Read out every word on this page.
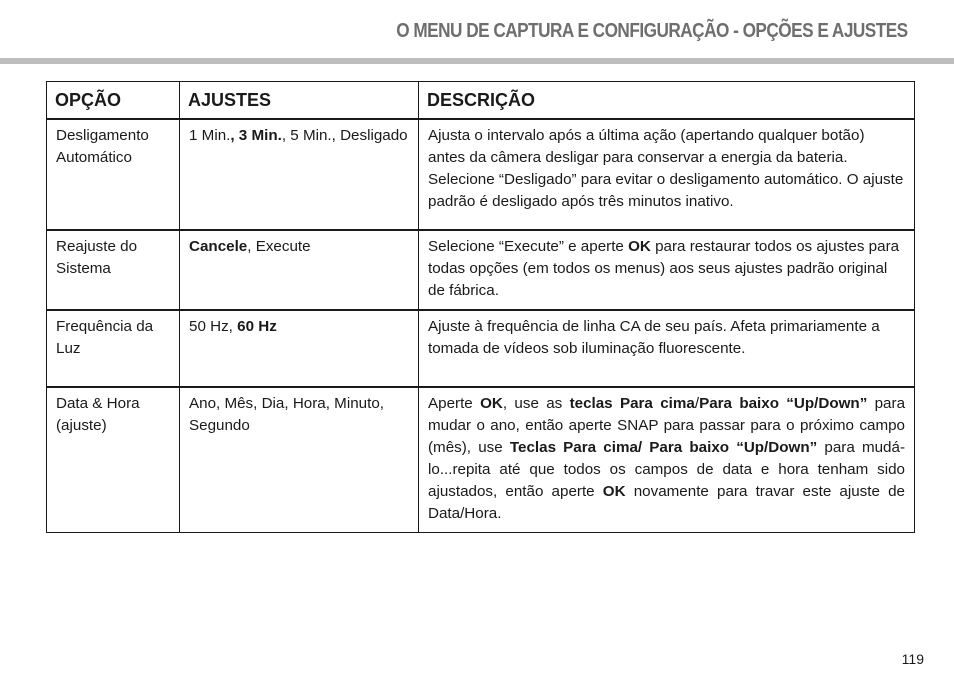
O MENU DE CAPTURA E CONFIGURAÇÃO - OPÇÕES E AJUSTES
OPÇÃO	AJUSTES	DESCRIÇÃO
Desligamento Automático	1 Min., 3 Min., 5 Min., Desligado	Ajusta o intervalo após a última ação (apertando qualquer botão) antes da câmera desligar para conservar a energia da bateria. Selecione “Desligado” para evitar o desligamento automático. O ajuste padrão é desligado após três minutos inativo.
Reajuste do Sistema	Cancele, Execute	Selecione “Execute” e aperte OK para restaurar todos os ajustes para todas opções (em todos os menus) aos seus ajustes padrão original de fábrica.
Frequência da Luz	50 Hz, 60 Hz	Ajuste à frequência de linha CA de seu país. Afeta primariamente a tomada de vídeos sob iluminação fluorescente.
Data & Hora (ajuste)	Ano, Mês, Dia, Hora, Minuto, Segundo	Aperte OK, use as teclas Para cima/Para baixo “Up/Down” para mudar o ano, então aperte SNAP para passar para o próximo campo (mês), use Teclas Para cima/ Para baixo “Up/Down” para mudá-lo...repita até que todos os campos de data e hora tenham sido ajustados, então aperte OK novamente para travar este ajuste de Data/Hora.
119
